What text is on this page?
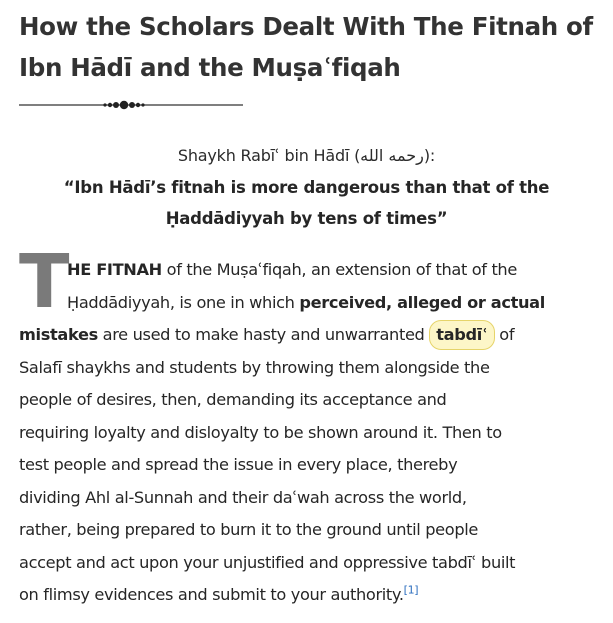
How the Scholars Dealt With The Fitnah of Ibn Hādī and the Muṣaʿfiqah
Shaykh Rabīʿ bin Hādī (رحمه الله):
“Ibn Hādī’s fitnah is more dangerous than that of the Ḥaddādiyyah by tens of times”
T

HE FITNAH of the Muṣaʿfiqah, an extension of that of the
Ḥaddādiyyah, is one in which perceived, alleged or actual
mistakes are used to make hasty and unwarranted tabdīʿ of
Salafī shaykhs and students by throwing them alongside the
people of desires, then, demanding its acceptance and
requiring loyalty and disloyalty to be shown around it. Then to
test people and spread the issue in every place, thereby
dividing Ahl al-Sunnah and their daʿwah across the world,
rather, being prepared to burn it to the ground until people
accept and act upon your unjustified and oppressive tabdīʿ built
on flimsy evidences and submit to your authority.[1]
